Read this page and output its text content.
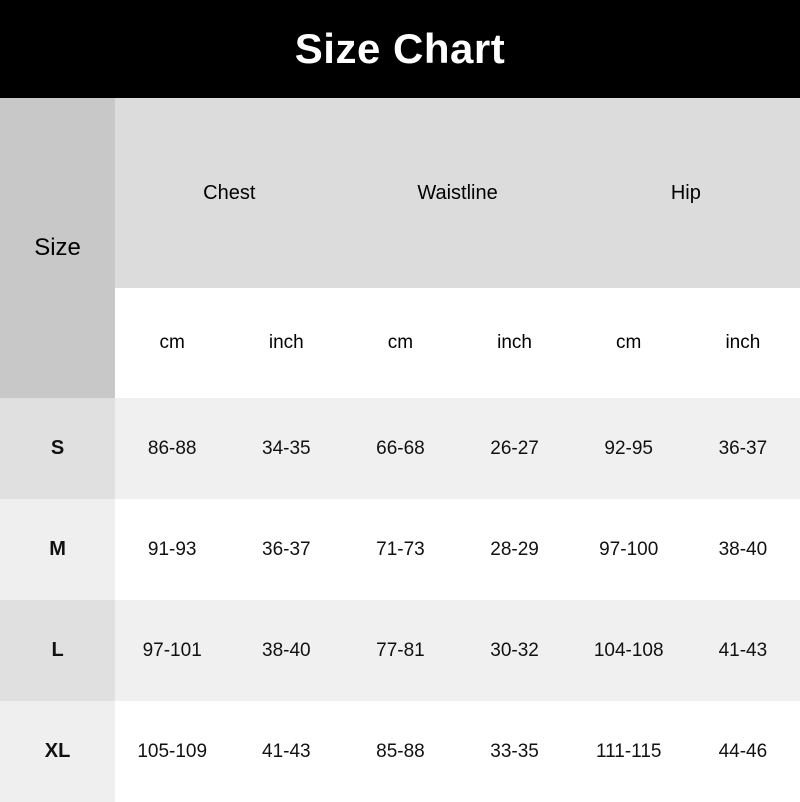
Size Chart
Size	Chest		Waistline		Hip	
	cm	inch	cm	inch	cm	inch
S	86-88	34-35	66-68	26-27	92-95	36-37
M	91-93	36-37	71-73	28-29	97-100	38-40
L	97-101	38-40	77-81	30-32	104-108	41-43
XL	105-109	41-43	85-88	33-35	111-115	44-46
